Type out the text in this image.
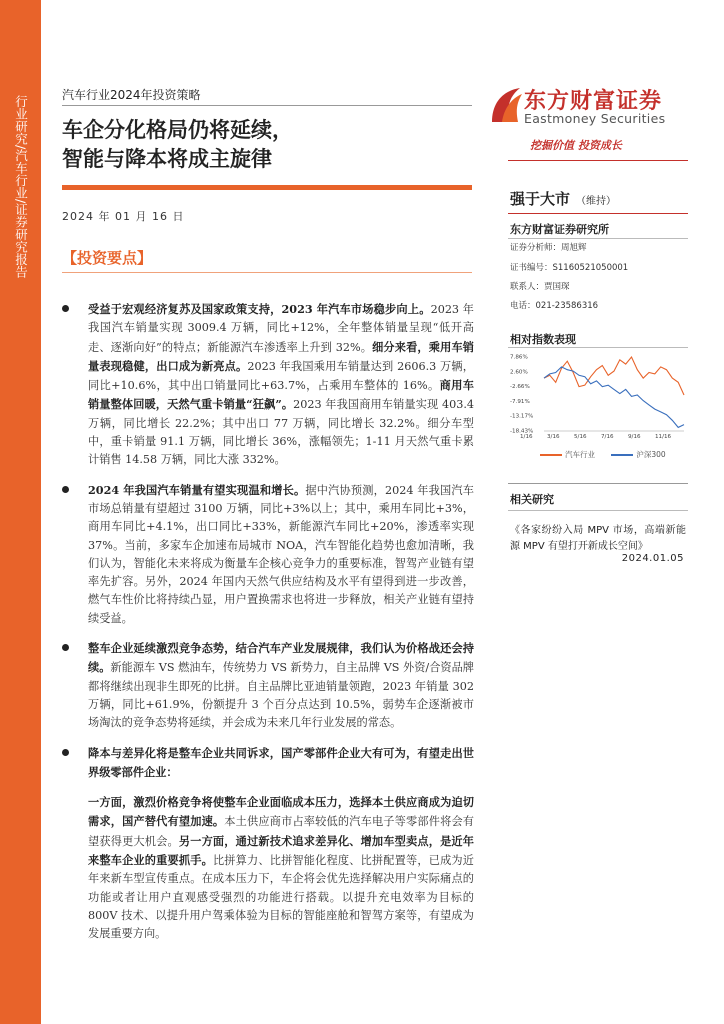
行业研究
/
汽车行业
/
证券研究报告
汽车行业2024年投资策略
车企分化格局仍将延续，
智能与降本将成主旋律
2024 年 01 月 16 日
【投资要点】
受益于宏观经济复苏及国家政策支持，2023 年汽车市场稳步向上。2023 年我国汽车销量实现 3009.4 万辆，同比+12%，全年整体销量呈现“低开高走、逐渐向好”的特点；新能源汽车渗透率上升到 32%。细分来看，乘用车销量表现稳健，出口成为新亮点。2023 年我国乘用车销量达到 2606.3 万辆，同比+10.6%，其中出口销量同比+63.7%，占乘用车整体的 16%。商用车销量整体回暖，天然气重卡销量“狂飙”。2023 年我国商用车销量实现 403.4 万辆，同比增长 22.2%；其中出口 77 万辆，同比增长 32.2%。细分车型中，重卡销量 91.1 万辆，同比增长 36%，涨幅领先；1-11 月天然气重卡累计销售 14.58 万辆，同比大涨 332%。
2024 年我国汽车销量有望实现温和增长。据中汽协预测，2024 年我国汽车市场总销量有望超过 3100 万辆，同比+3%以上；其中，乘用车同比+3%，商用车同比+4.1%，出口同比+33%，新能源汽车同比+20%，渗透率实现 37%。当前，多家车企加速布局城市 NOA，汽车智能化趋势也愈加清晰，我们认为，智能化未来将成为衡量车企核心竞争力的重要标准，智驾产业链有望率先扩容。另外，2024 年国内天然气供应结构及水平有望得到进一步改善，燃气车性价比将持续凸显，用户置换需求也将进一步释放，相关产业链有望持续受益。
整车企业延续激烈竞争态势，结合汽车产业发展规律，我们认为价格战还会持续。新能源车 VS 燃油车，传统势力 VS 新势力，自主品牌 VS 外资/合资品牌都将继续出现非生即死的比拼。自主品牌比亚迪销量领跑，2023 年销量 302 万辆，同比+61.9%，份额提升 3 个百分点达到 10.5%，弱势车企逐渐被市场淘汰的竞争态势将延续，并会成为未来几年行业发展的常态。
降本与差异化将是整车企业共同诉求，国产零部件企业大有可为，有望走出世界级零部件企业：
一方面，激烈价格竞争将使整车企业面临成本压力，选择本土供应商成为迫切需求，国产替代有望加速。本土供应商市占率较低的汽车电子等零部件将会有望获得更大机会。另一方面，通过新技术追求差异化、增加车型卖点，是近年来整车企业的重要抓手。比拼算力、比拼智能化程度、比拼配置等，已成为近年来新车型宣传重点。在成本压力下，车企将会优先选择解决用户实际痛点的功能或者让用户直观感受强烈的功能进行搭载。以提升充电效率为目标的 800V 技术、以提升用户驾乘体验为目标的智能座舱和智驾方案等，有望成为发展重要方向。
东方财富证券
Eastmoney Securities
挖掘价值 投资成长
强于大市 （维持）
东方财富证券研究所
证券分析师：周旭辉
证书编号：S1160521050001
联系人：贾国琛
电话：021-23586316
相对指数表现
7.86%
2.60%
-2.66%
-7.91%
-13.17%
-18.43%
1/16	3/16	5/16	7/16	9/16	11/16
汽车行业	沪深300
相关研究
《各家纷纷入局 MPV 市场，高端新能源 MPV 有望打开新成长空间》
2024.01.05
